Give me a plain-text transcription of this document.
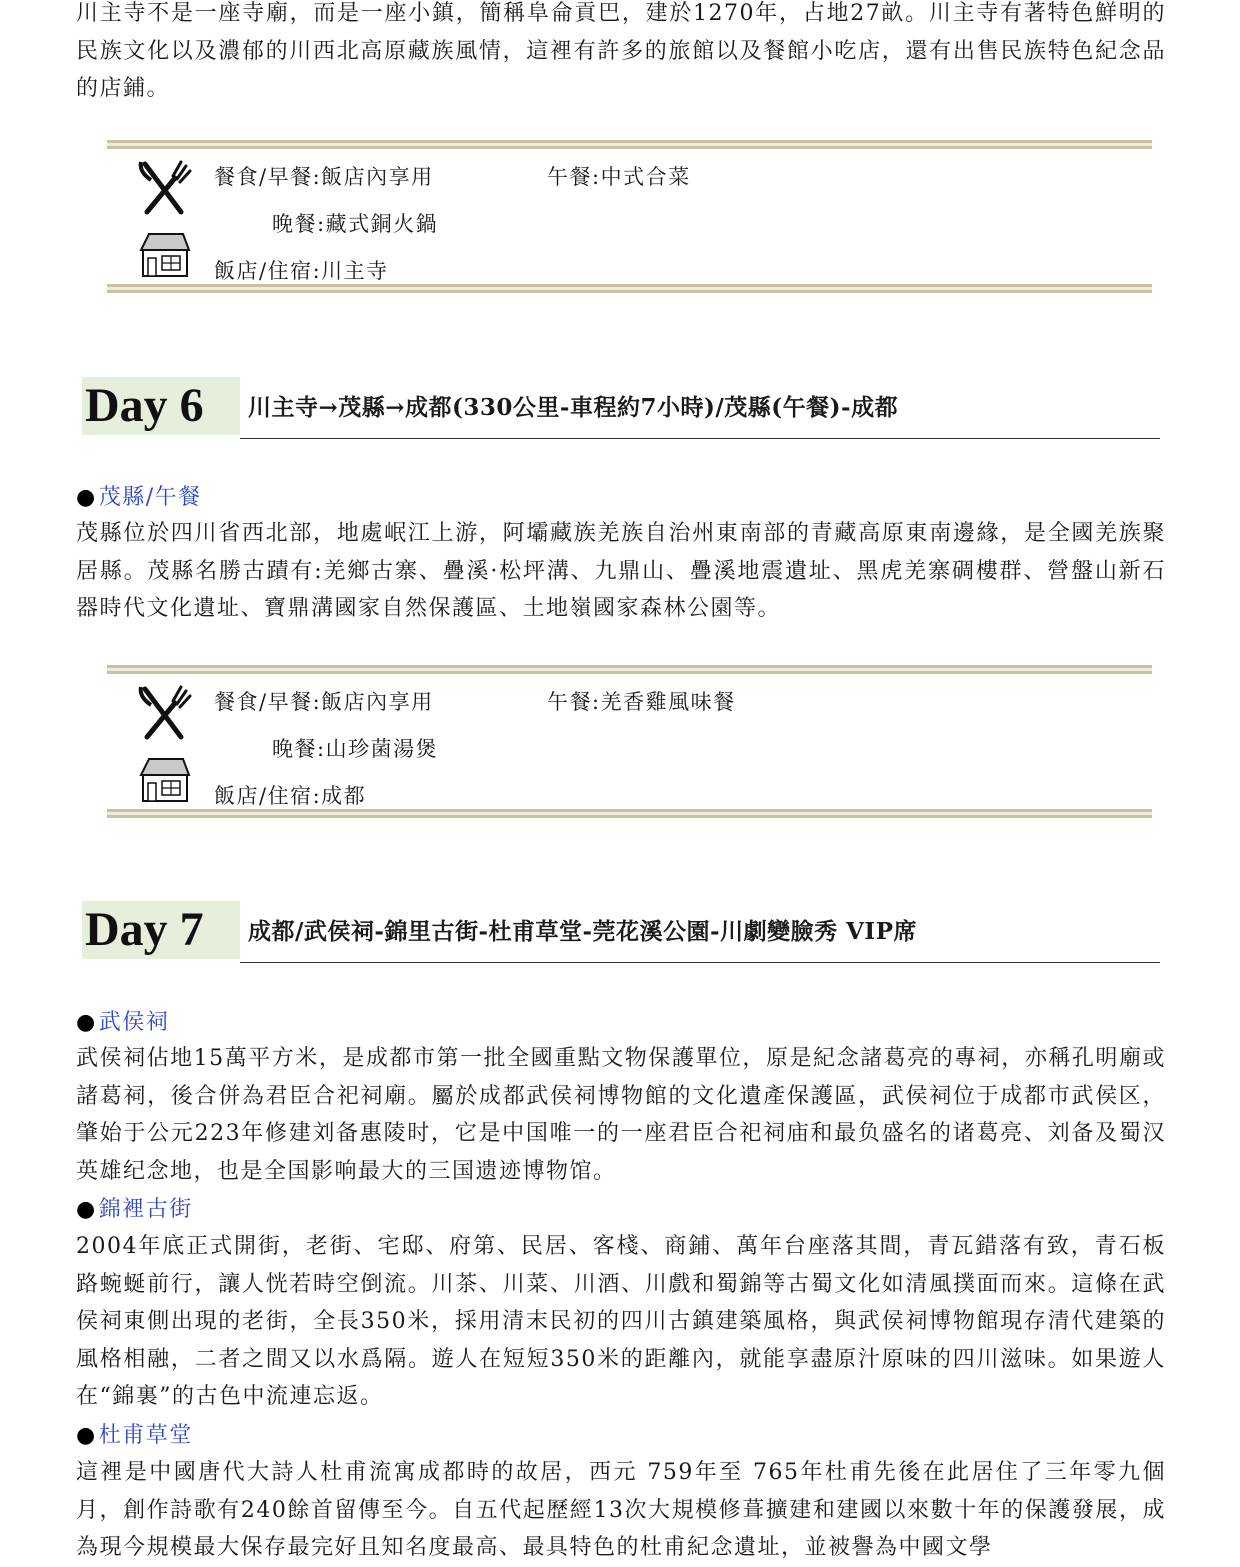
川主寺不是一座寺廟，而是一座小鎮，簡稱阜侖貢巴，建於1270年，占地27畝。川主寺有著特色鮮明的民族文化以及濃郁的川西北高原藏族風情，這裡有許多的旅館以及餐館小吃店，還有出售民族特色紀念品的店鋪。

餐食/早餐:飯店內享用	午餐:中式合菜
晚餐:藏式銅火鍋
飯店/住宿:川主寺
Day 6	川主寺→茂縣→成都(330公里-車程約7小時)/茂縣(午餐)-成都
●茂縣/午餐

茂縣位於四川省西北部，地處岷江上游，阿壩藏族羌族自治州東南部的青藏高原東南邊緣，是全國羌族聚居縣。茂縣名勝古蹟有:羌鄉古寨、疊溪·松坪溝、九鼎山、疊溪地震遺址、黑虎羌寨碉樓群、營盤山新石器時代文化遺址、寶鼎溝國家自然保護區、土地嶺國家森林公園等。

餐食/早餐:飯店內享用	午餐:羌香雞風味餐
晚餐:山珍菌湯煲
飯店/住宿:成都
Day 7	成都/武侯祠-錦里古街-杜甫草堂-莞花溪公園-川劇變臉秀 VIP席
●武侯祠

武侯祠佔地15萬平方米，是成都市第一批全國重點文物保護單位，原是紀念諸葛亮的專祠，亦稱孔明廟或諸葛祠，後合併為君臣合祀祠廟。屬於成都武侯祠博物館的文化遺產保護區，武侯祠位于成都市武侯区，肇始于公元223年修建刘备惠陵时，它是中国唯一的一座君臣合祀祠庙和最负盛名的诸葛亮、刘备及蜀汉英雄纪念地，也是全国影响最大的三国遗迹博物馆。

●錦裡古街

2004年底正式開街，老街、宅邸、府第、民居、客棧、商鋪、萬年台座落其間，青瓦錯落有致，青石板路蜿蜒前行，讓人恍若時空倒流。川茶、川菜、川酒、川戲和蜀錦等古蜀文化如清風撲面而來。這條在武侯祠東側出現的老街，全長350米，採用清末民初的四川古鎮建築風格，與武侯祠博物館現存清代建築的風格相融，二者之間又以水爲隔。遊人在短短350米的距離內，就能享盡原汁原味的四川滋味。如果遊人在“錦裏”的古色中流連忘返。

●杜甫草堂

這裡是中國唐代大詩人杜甫流寓成都時的故居，西元 759年至 765年杜甫先後在此居住了三年零九個月，創作詩歌有240餘首留傳至今。自五代起歷經13次大規模修葺擴建和建國以來數十年的保護發展，成為現今規模最大保存最完好且知名度最高、最具特色的杜甫紀念遺址，並被譽為中國文學
